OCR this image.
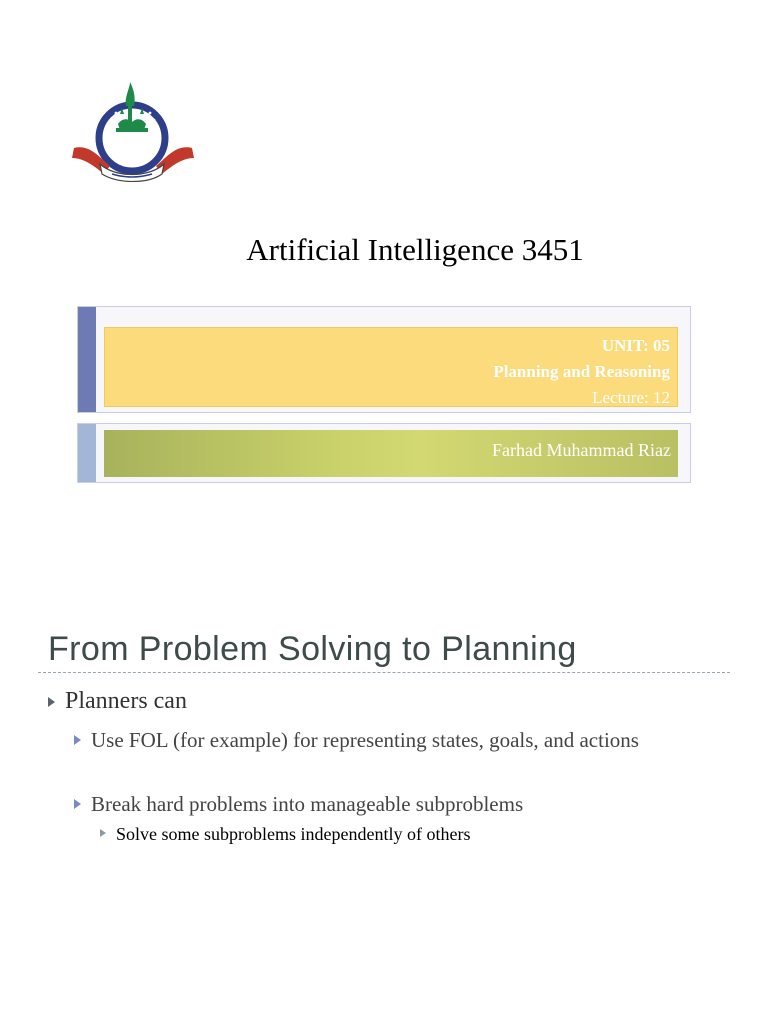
Artificial Intelligence 3451
UNIT: 05
Planning and Reasoning
Lecture: 12
Farhad Muhammad Riaz
From Problem Solving to Planning
Planners can
Use FOL (for example) for representing states, goals, and actions
Break hard problems into manageable subproblems
Solve some subproblems independently of others
